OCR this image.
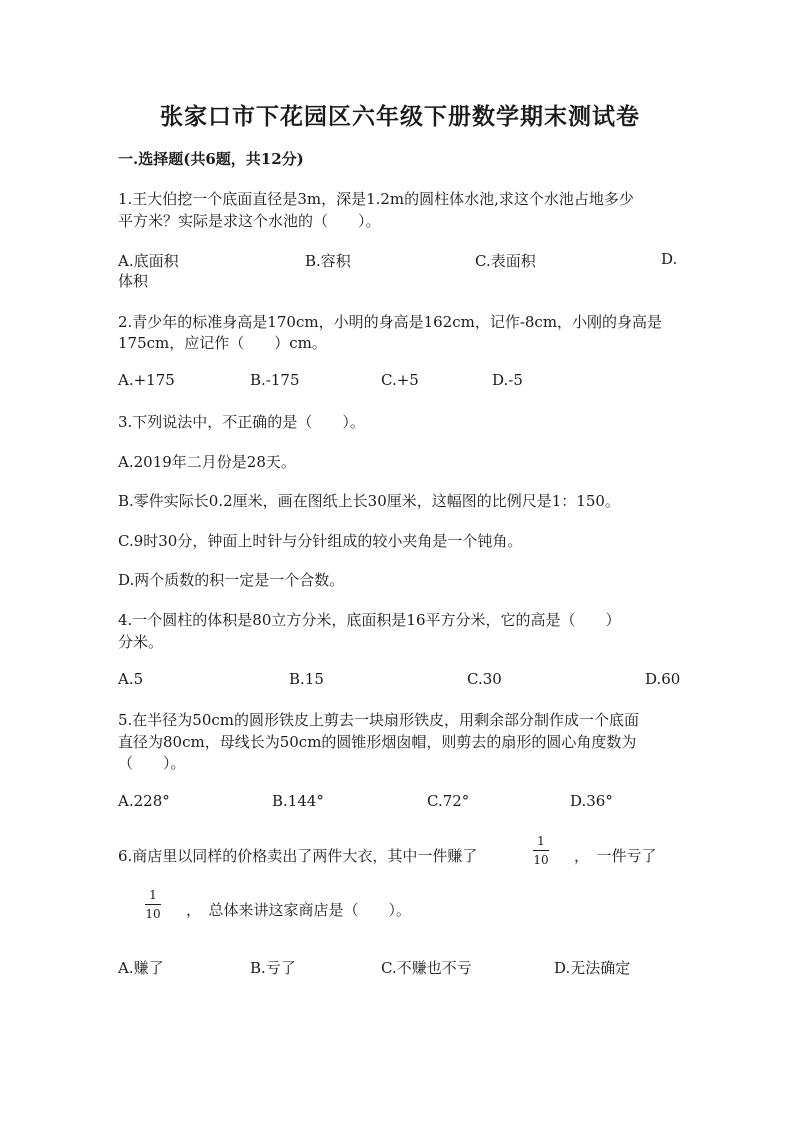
张家口市下花园区六年级下册数学期末测试卷
一.选择题(共6题，共12分)
1.王大伯挖一个底面直径是3m，深是1.2m的圆柱体水池,求这个水池占地多少
平方米？实际是求这个水池的（　　）。
A.底面积	B.容积	C.表面积	D.
体积
2.青少年的标准身高是170cm，小明的身高是162cm，记作-8cm，小刚的身高是
175cm，应记作（　　）cm。
A.+175	B.-175	C.+5	D.-5
3.下列说法中，不正确的是（　　）。
A.2019年二月份是28天。
B.零件实际长0.2厘米，画在图纸上长30厘米，这幅图的比例尺是1：150。
C.9时30分，钟面上时针与分针组成的较小夹角是一个钝角。
D.两个质数的积一定是一个合数。
4.一个圆柱的体积是80立方分米，底面积是16平方分米，它的高是（　　）
分米。
A.5	B.15	C.30	D.60
5.在半径为50cm的圆形铁皮上剪去一块扇形铁皮，用剩余部分制作成一个底面
直径为80cm，母线长为50cm的圆锥形烟囱帽，则剪去的扇形的圆心角度数为
（　　）。
A.228°	B.144°	C.72°	D.36°
6.商店里以同样的价格卖出了两件大衣，其中一件赚了
1
10 ，　一件亏了
1
10 ，　总体来讲这家商店是（　　）。
A.赚了	B.亏了	C.不赚也不亏	D.无法确定
